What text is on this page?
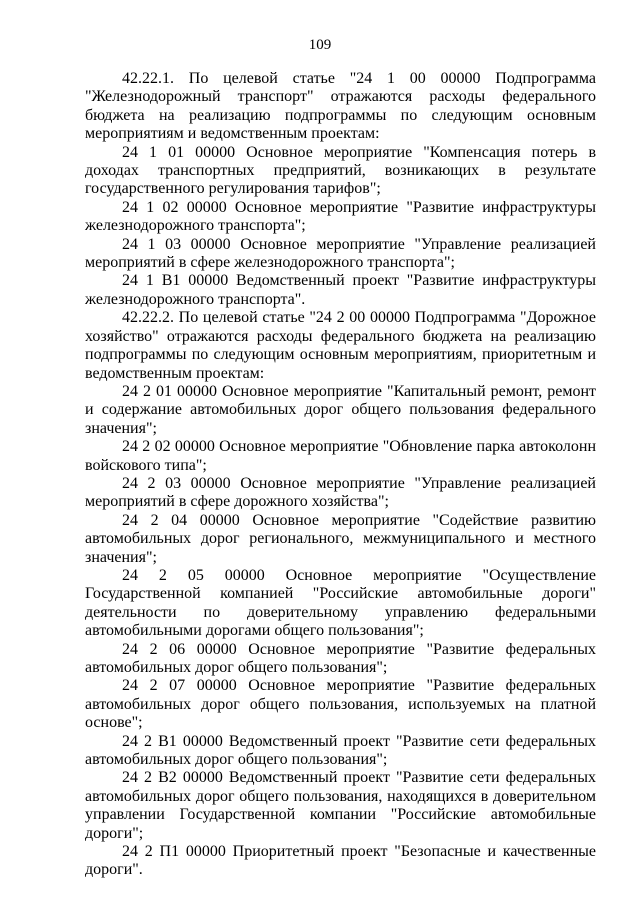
109

42.22.1. По целевой статье "24 1 00 00000 Подпрограмма "Железнодорожный транспорт" отражаются расходы федерального бюджета на реализацию подпрограммы по следующим основным мероприятиям и ведомственным проектам:

24 1 01 00000 Основное мероприятие "Компенсация потерь в доходах транспортных предприятий, возникающих в результате государственного регулирования тарифов";

24 1 02 00000 Основное мероприятие "Развитие инфраструктуры железнодорожного транспорта";

24 1 03 00000 Основное мероприятие "Управление реализацией мероприятий в сфере железнодорожного транспорта";

24 1 В1 00000 Ведомственный проект "Развитие инфраструктуры железнодорожного транспорта".

42.22.2. По целевой статье "24 2 00 00000 Подпрограмма "Дорожное хозяйство" отражаются расходы федерального бюджета на реализацию подпрограммы по следующим основным мероприятиям, приоритетным и ведомственным проектам:

24 2 01 00000 Основное мероприятие "Капитальный ремонт, ремонт и содержание автомобильных дорог общего пользования федерального значения";

24 2 02 00000 Основное мероприятие "Обновление парка автоколонн войскового типа";

24 2 03 00000 Основное мероприятие "Управление реализацией мероприятий в сфере дорожного хозяйства";

24 2 04 00000 Основное мероприятие "Содействие развитию автомобильных дорог регионального, межмуниципального и местного значения";

24 2 05 00000 Основное мероприятие "Осуществление Государственной компанией "Российские автомобильные дороги" деятельности по доверительному управлению федеральными автомобильными дорогами общего пользования";

24 2 06 00000 Основное мероприятие "Развитие федеральных автомобильных дорог общего пользования";

24 2 07 00000 Основное мероприятие "Развитие федеральных автомобильных дорог общего пользования, используемых на платной основе";

24 2 В1 00000 Ведомственный проект "Развитие сети федеральных автомобильных дорог общего пользования";

24 2 В2 00000 Ведомственный проект "Развитие сети федеральных автомобильных дорог общего пользования, находящихся в доверительном управлении Государственной компании "Российские автомобильные дороги";

24 2 П1 00000 Приоритетный проект "Безопасные и качественные дороги".
